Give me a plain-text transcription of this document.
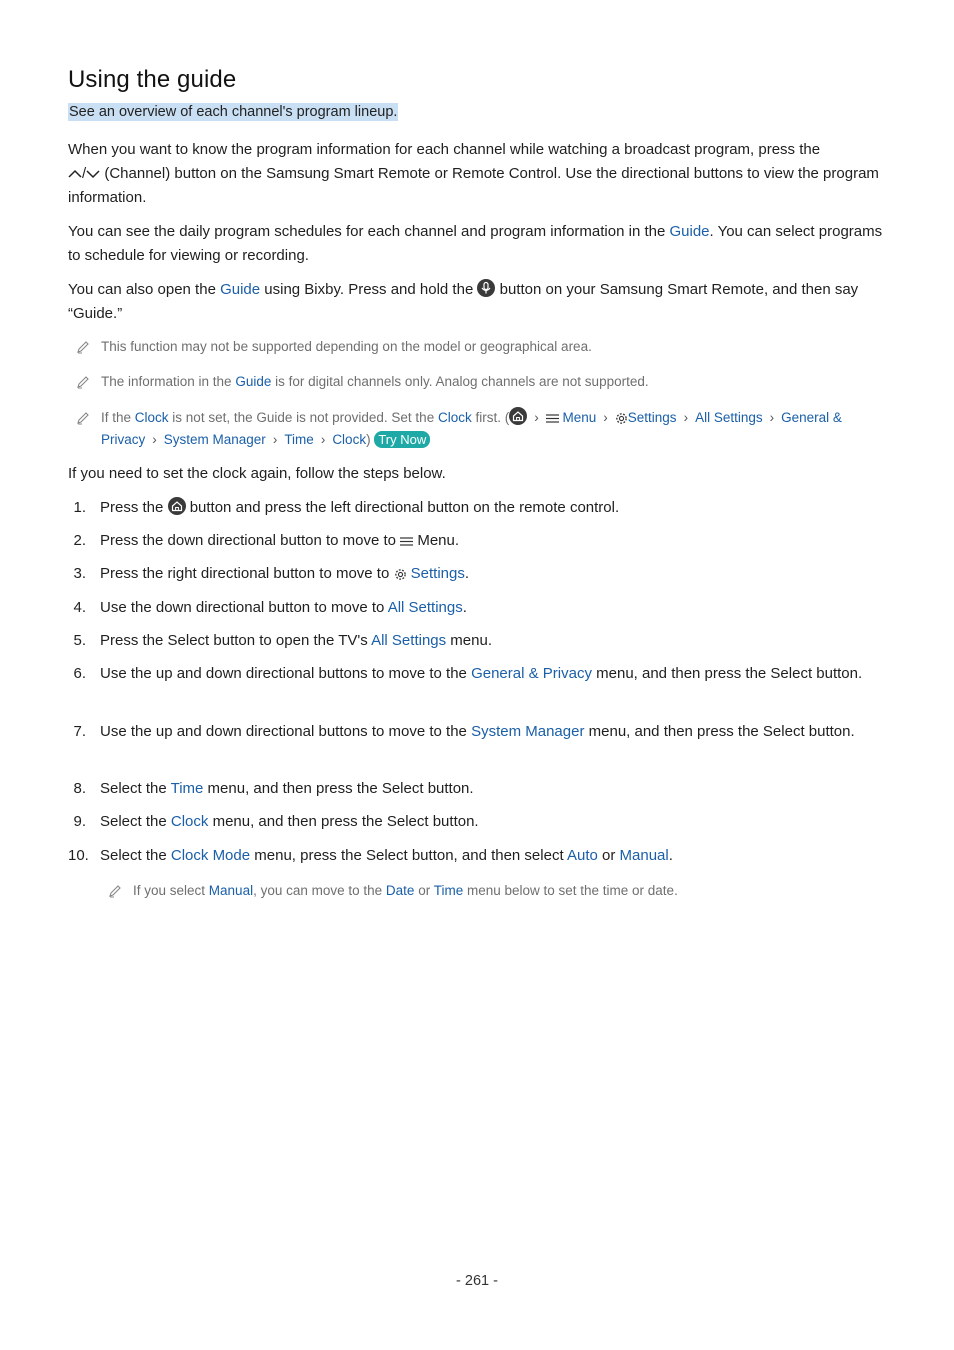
Using the guide
See an overview of each channel's program lineup.
When you want to know the program information for each channel while watching a broadcast program, press the
/ (Channel) button on the Samsung Smart Remote or Remote Control. Use the directional buttons to view the program information.
You can see the daily program schedules for each channel and program information in the Guide. You can select programs to schedule for viewing or recording.
You can also open the Guide using Bixby. Press and hold the
button on your Samsung Smart Remote, and then say “Guide.”
This function may not be supported depending on the model or geographical area.
The information in the Guide is for digital channels only. Analog channels are not supported.
If the Clock is not set, the Guide is not provided. Set the Clock first. ( › Menu › Settings › All Settings › General & Privacy › System Manager › Time › Clock) Try Now
If you need to set the clock again, follow the steps below.
1. Press the
button and press the left directional button on the remote control.
2. Press the down directional button to move to  Menu.
3. Press the right directional button to move to  Settings.
4. Use the down directional button to move to All Settings.
5. Press the Select button to open the TV's All Settings menu.
6. Use the up and down directional buttons to move to the General & Privacy menu, and then press the Select button.
7. Use the up and down directional buttons to move to the System Manager menu, and then press the Select button.
8. Select the Time menu, and then press the Select button.
9. Select the Clock menu, and then press the Select button.
10. Select the Clock Mode menu, press the Select button, and then select Auto or Manual.
If you select Manual, you can move to the Date or Time menu below to set the time or date.
- 261 -
